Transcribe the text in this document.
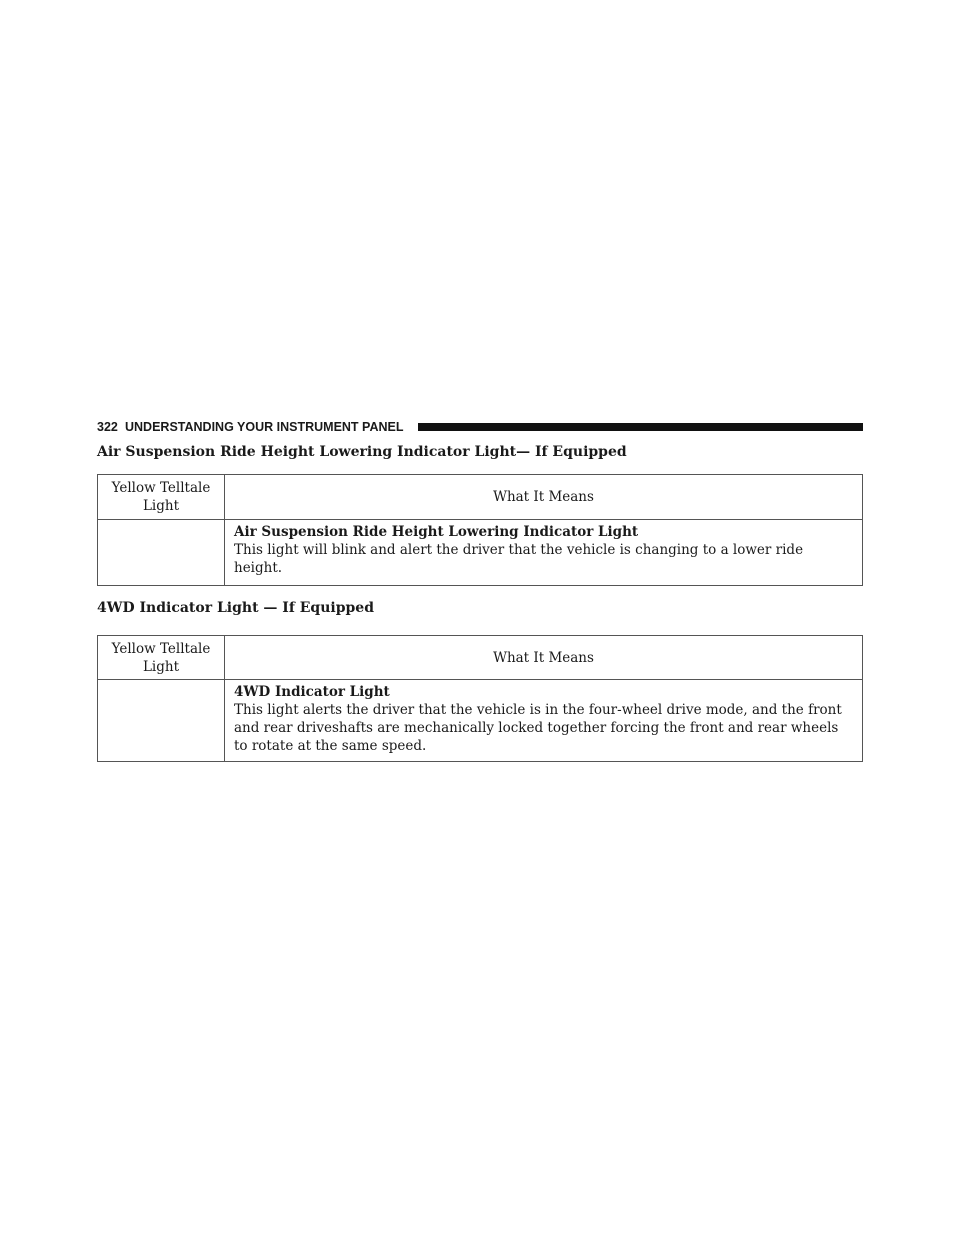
322 UNDERSTANDING YOUR INSTRUMENT PANEL
Air Suspension Ride Height Lowering Indicator Light— If Equipped
Yellow Telltale Light	What It Means

	Air Suspension Ride Height Lowering Indicator Light
This light will blink and alert the driver that the vehicle is changing to a lower ride height.
4WD Indicator Light — If Equipped
Yellow Telltale Light	What It Means

	4WD Indicator Light
This light alerts the driver that the vehicle is in the four-wheel drive mode, and the front and rear driveshafts are mechanically locked together forcing the front and rear wheels to rotate at the same speed.
